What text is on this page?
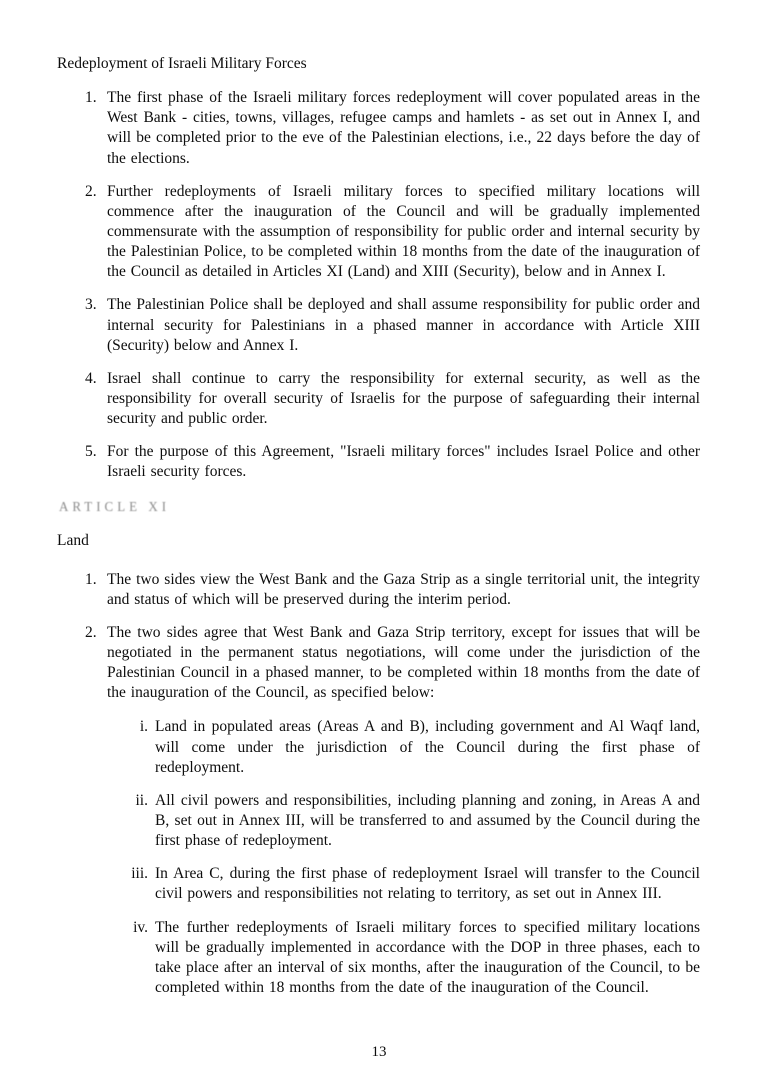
Redeployment of Israeli Military Forces
1. The first phase of the Israeli military forces redeployment will cover populated areas in the West Bank - cities, towns, villages, refugee camps and hamlets - as set out in Annex I, and will be completed prior to the eve of the Palestinian elections, i.e., 22 days before the day of the elections.
2. Further redeployments of Israeli military forces to specified military locations will commence after the inauguration of the Council and will be gradually implemented commensurate with the assumption of responsibility for public order and internal security by the Palestinian Police, to be completed within 18 months from the date of the inauguration of the Council as detailed in Articles XI (Land) and XIII (Security), below and in Annex I.
3. The Palestinian Police shall be deployed and shall assume responsibility for public order and internal security for Palestinians in a phased manner in accordance with Article XIII (Security) below and Annex I.
4. Israel shall continue to carry the responsibility for external security, as well as the responsibility for overall security of Israelis for the purpose of safeguarding their internal security and public order.
5. For the purpose of this Agreement, "Israeli military forces" includes Israel Police and other Israeli security forces.
ARTICLE XI
Land
1. The two sides view the West Bank and the Gaza Strip as a single territorial unit, the integrity and status of which will be preserved during the interim period.
2. The two sides agree that West Bank and Gaza Strip territory, except for issues that will be negotiated in the permanent status negotiations, will come under the jurisdiction of the Palestinian Council in a phased manner, to be completed within 18 months from the date of the inauguration of the Council, as specified below:
i. Land in populated areas (Areas A and B), including government and Al Waqf land, will come under the jurisdiction of the Council during the first phase of redeployment.
ii. All civil powers and responsibilities, including planning and zoning, in Areas A and B, set out in Annex III, will be transferred to and assumed by the Council during the first phase of redeployment.
iii. In Area C, during the first phase of redeployment Israel will transfer to the Council civil powers and responsibilities not relating to territory, as set out in Annex III.
iv. The further redeployments of Israeli military forces to specified military locations will be gradually implemented in accordance with the DOP in three phases, each to take place after an interval of six months, after the inauguration of the Council, to be completed within 18 months from the date of the inauguration of the Council.
13
